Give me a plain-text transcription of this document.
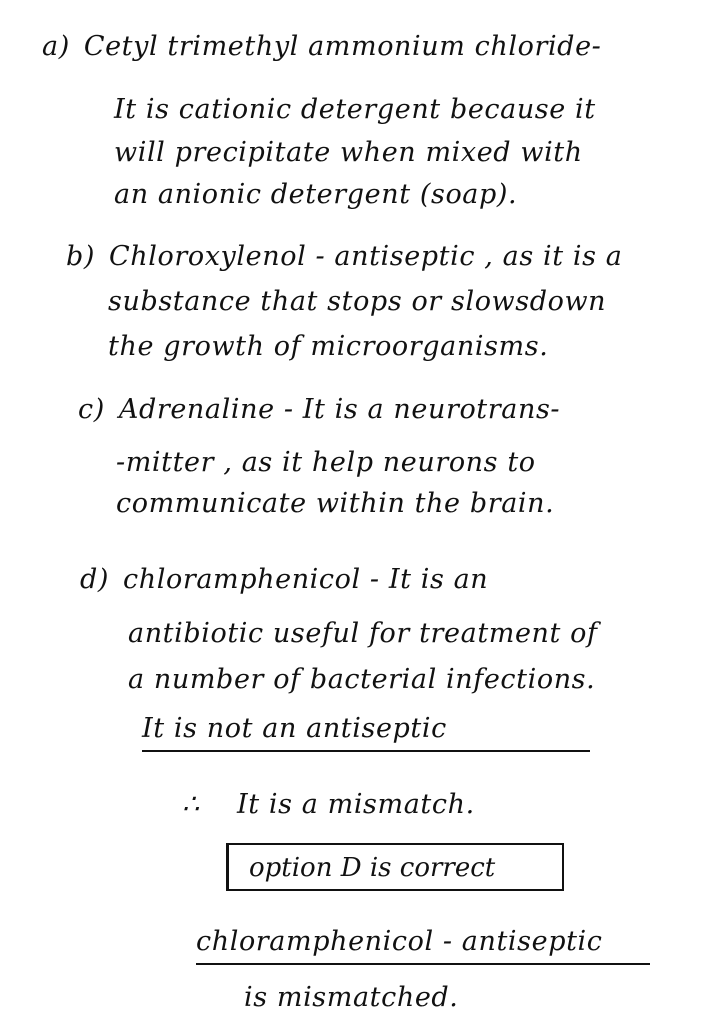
a) Cetyl trimethyl ammonium chloride-
It is cationic detergent because it
will precipitate when mixed with
an anionic detergent (soap).
b) Chloroxylenol - antiseptic , as it is a
substance that stops or slowsdown
the growth of microorganisms.
c) Adrenaline - It is a neurotrans-
-mitter , as it help neurons to
communicate within the brain.
d) chloramphenicol - It is an
antibiotic useful for treatment of
a number of bacterial infections.
It is not an antiseptic
∴ It is a mismatch.
option D is correct
chloramphenicol - antiseptic
is mismatched.
